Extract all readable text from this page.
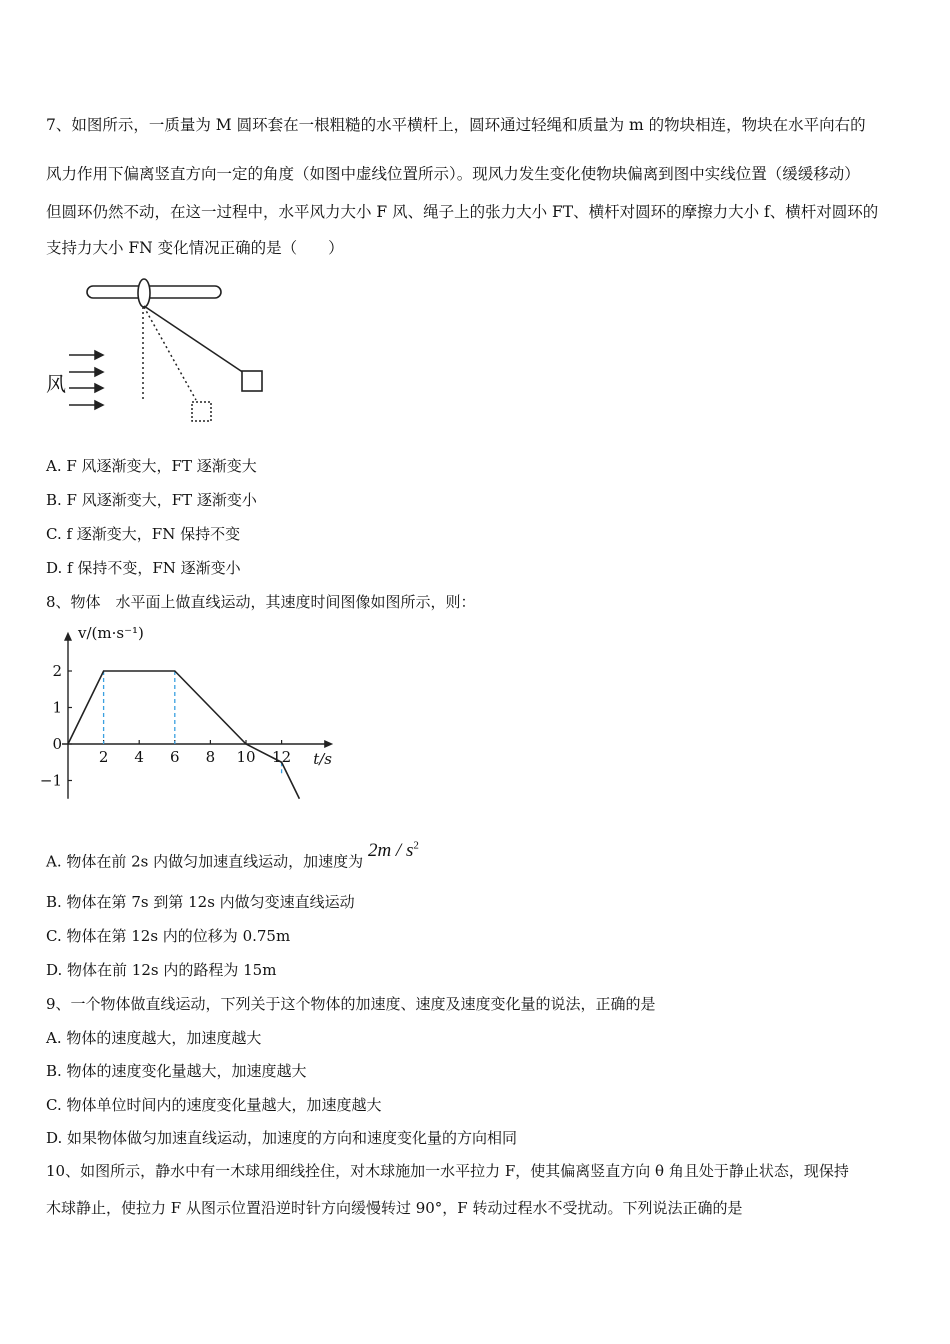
7、如图所示，一质量为 M 圆环套在一根粗糙的水平横杆上，圆环通过轻绳和质量为 m 的物块相连，物块在水平向右的
风力作用下偏离竖直方向一定的角度（如图中虚线位置所示）。现风力发生变化使物块偏离到图中实线位置（缓缓移动）
但圆环仍然不动，在这一过程中，水平风力大小 F 风、绳子上的张力大小 FT、横杆对圆环的摩擦力大小 f、横杆对圆环的
支持力大小 FN 变化情况正确的是（　　）
风
A. F 风逐渐变大，FT 逐渐变大
B. F 风逐渐变大，FT 逐渐变小
C. f 逐渐变大，FN 保持不变
D. f 保持不变，FN 逐渐变小
8、物体　水平面上做直线运动，其速度时间图像如图所示，则：
v/(m·s⁻¹)
t/s
2 4 6 8 10 12
2
1
0
−1
A. 物体在前 2s 内做匀加速直线运动，加速度为 $2m / s^2$
B. 物体在第 7s 到第 12s 内做匀变速直线运动
C. 物体在第 12s 内的位移为 0.75m
D. 物体在前 12s 内的路程为 15m
9、一个物体做直线运动，下列关于这个物体的加速度、速度及速度变化量的说法，正确的是
A. 物体的速度越大，加速度越大
B. 物体的速度变化量越大，加速度越大
C. 物体单位时间内的速度变化量越大，加速度越大
D. 如果物体做匀加速直线运动，加速度的方向和速度变化量的方向相同
10、如图所示，静水中有一木球用细线拴住，对木球施加一水平拉力 F，使其偏离竖直方向 θ 角且处于静止状态，现保持
木球静止，使拉力 F 从图示位置沿逆时针方向缓慢转过 90°，F 转动过程水不受扰动。下列说法正确的是
